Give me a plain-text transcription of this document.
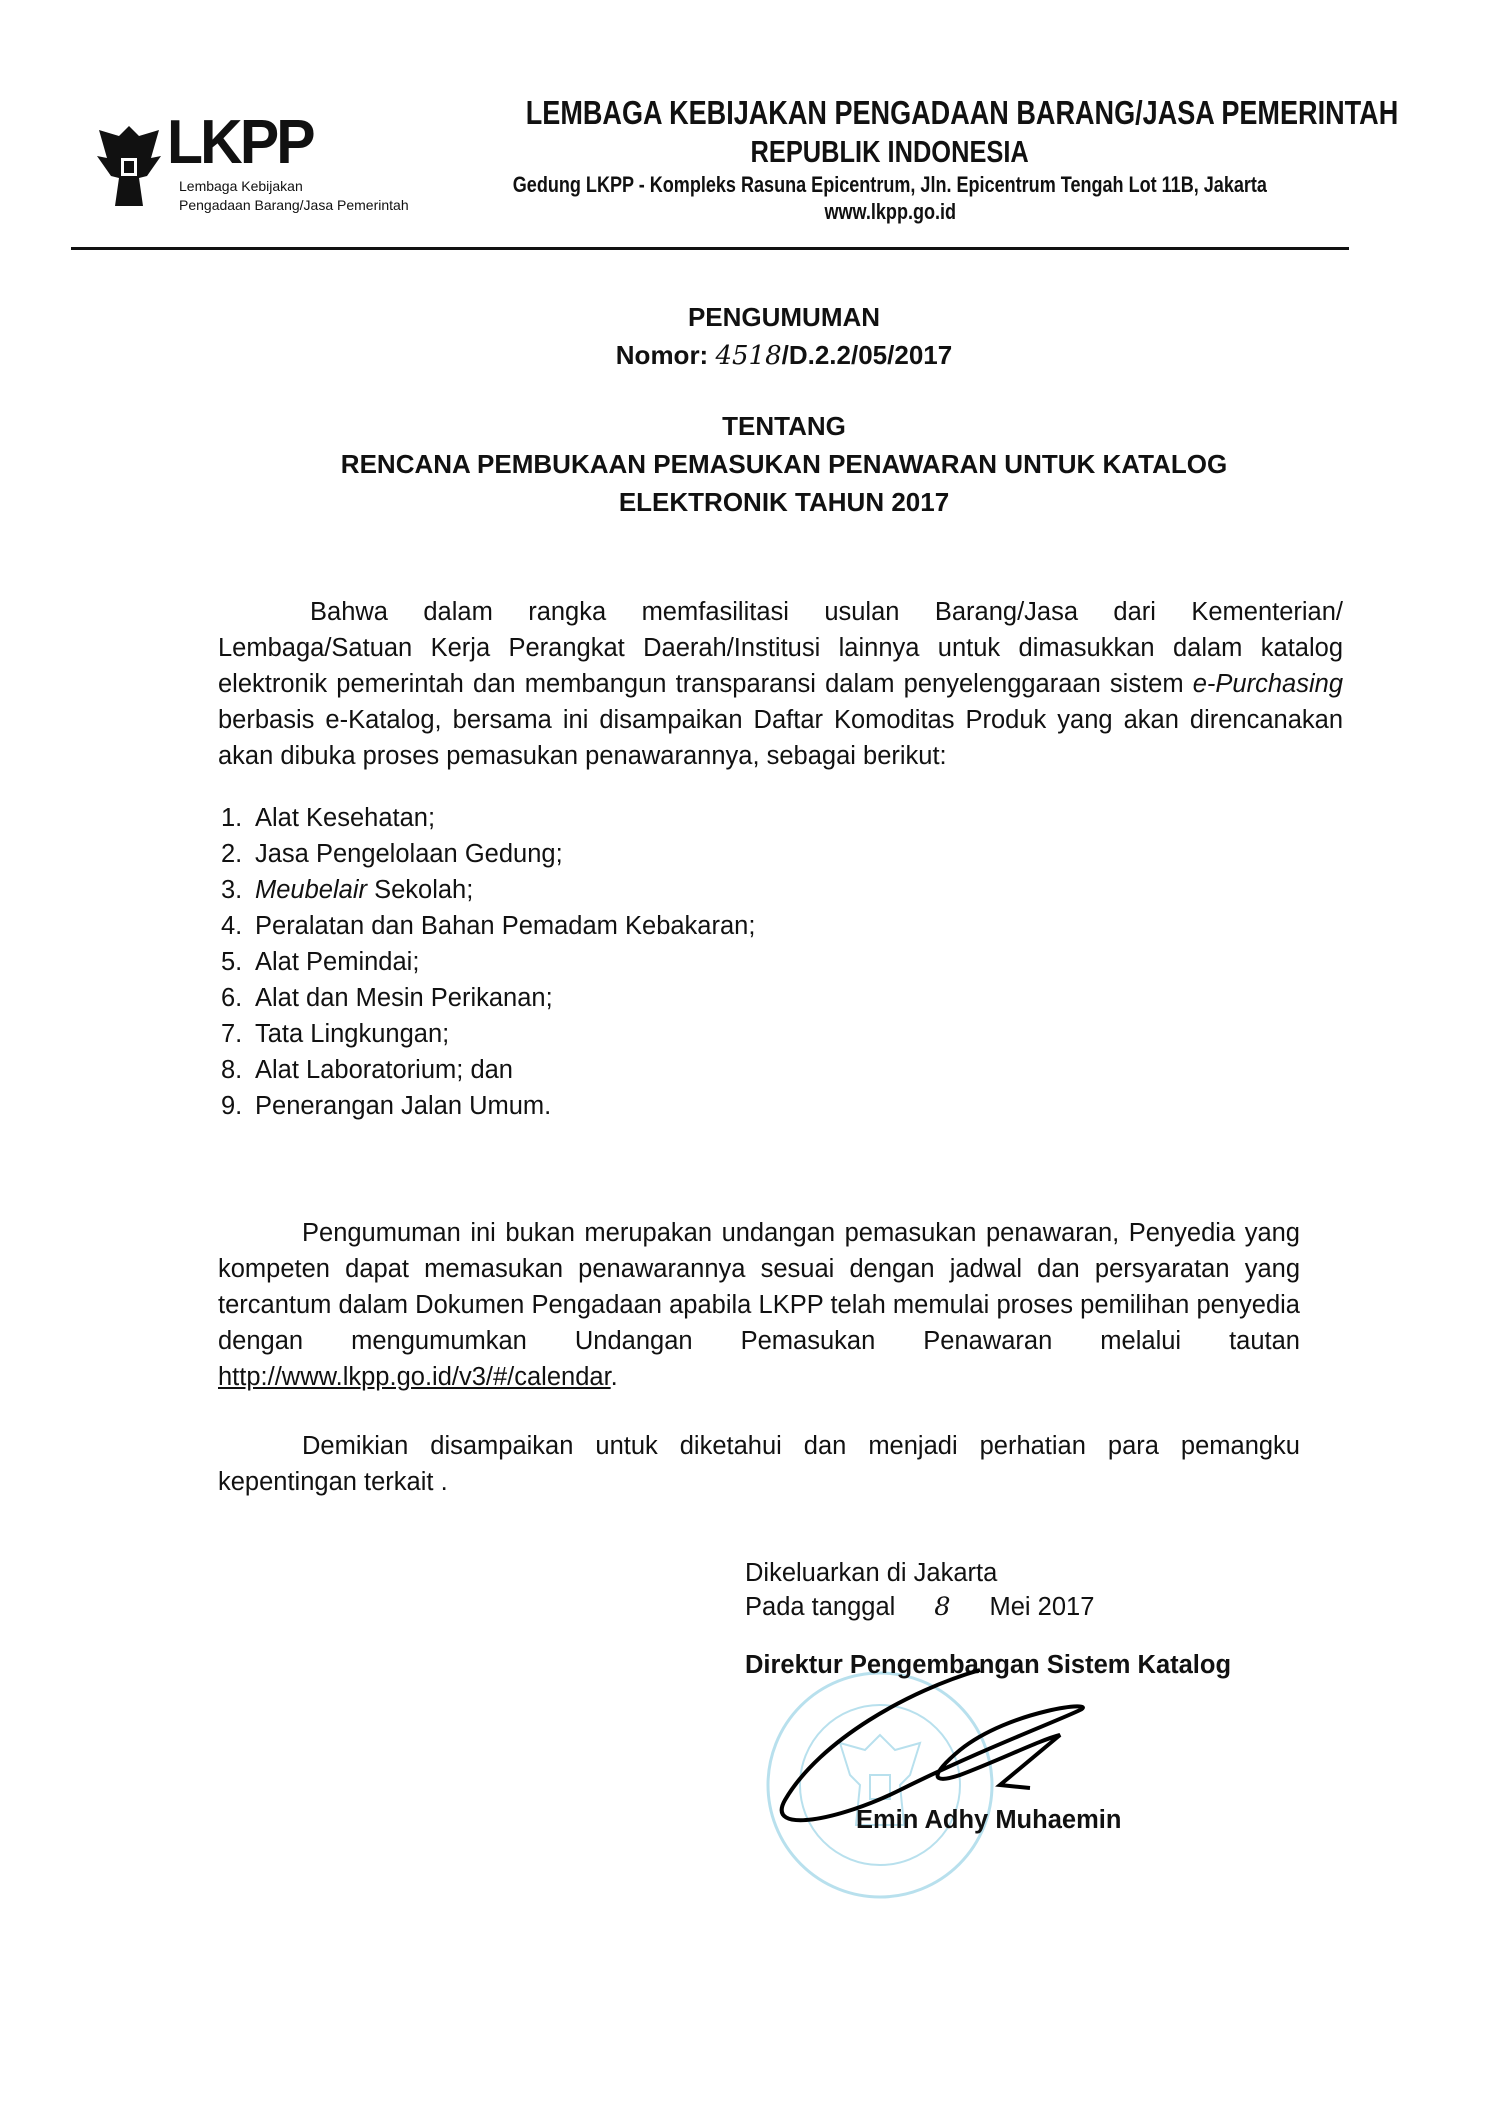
LKPP
Lembaga Kebijakan
Pengadaan Barang/Jasa Pemerintah
LEMBAGA KEBIJAKAN PENGADAAN BARANG/JASA PEMERINTAH
REPUBLIK INDONESIA
Gedung LKPP - Kompleks Rasuna Epicentrum, Jln. Epicentrum Tengah Lot 11B, Jakarta
www.lkpp.go.id
PENGUMUMAN
Nomor: 4518/D.2.2/05/2017
TENTANG
RENCANA PEMBUKAAN PEMASUKAN PENAWARAN UNTUK KATALOG
ELEKTRONIK TAHUN 2017
Bahwa dalam rangka memfasilitasi usulan Barang/Jasa dari Kementerian/ Lembaga/Satuan Kerja Perangkat Daerah/Institusi lainnya untuk dimasukkan dalam katalog elektronik pemerintah dan membangun transparansi dalam penyelenggaraan sistem e-Purchasing berbasis e-Katalog, bersama ini disampaikan Daftar Komoditas Produk yang akan direncanakan akan dibuka proses pemasukan penawarannya, sebagai berikut:
1. Alat Kesehatan;
2. Jasa Pengelolaan Gedung;
3. Meubelair Sekolah;
4. Peralatan dan Bahan Pemadam Kebakaran;
5. Alat Pemindai;
6. Alat dan Mesin Perikanan;
7. Tata Lingkungan;
8. Alat Laboratorium; dan
9. Penerangan Jalan Umum.
Pengumuman ini bukan merupakan undangan pemasukan penawaran, Penyedia yang kompeten dapat memasukan penawarannya sesuai dengan jadwal dan persyaratan yang tercantum dalam Dokumen Pengadaan apabila LKPP telah memulai proses pemilihan penyedia dengan mengumumkan Undangan Pemasukan Penawaran melalui tautan http://www.lkpp.go.id/v3/#/calendar.
Demikian disampaikan untuk diketahui dan menjadi perhatian para pemangku kepentingan terkait .
Dikeluarkan di Jakarta
Pada tanggal 8 Mei 2017
Direktur Pengembangan Sistem Katalog
Emin Adhy Muhaemin
